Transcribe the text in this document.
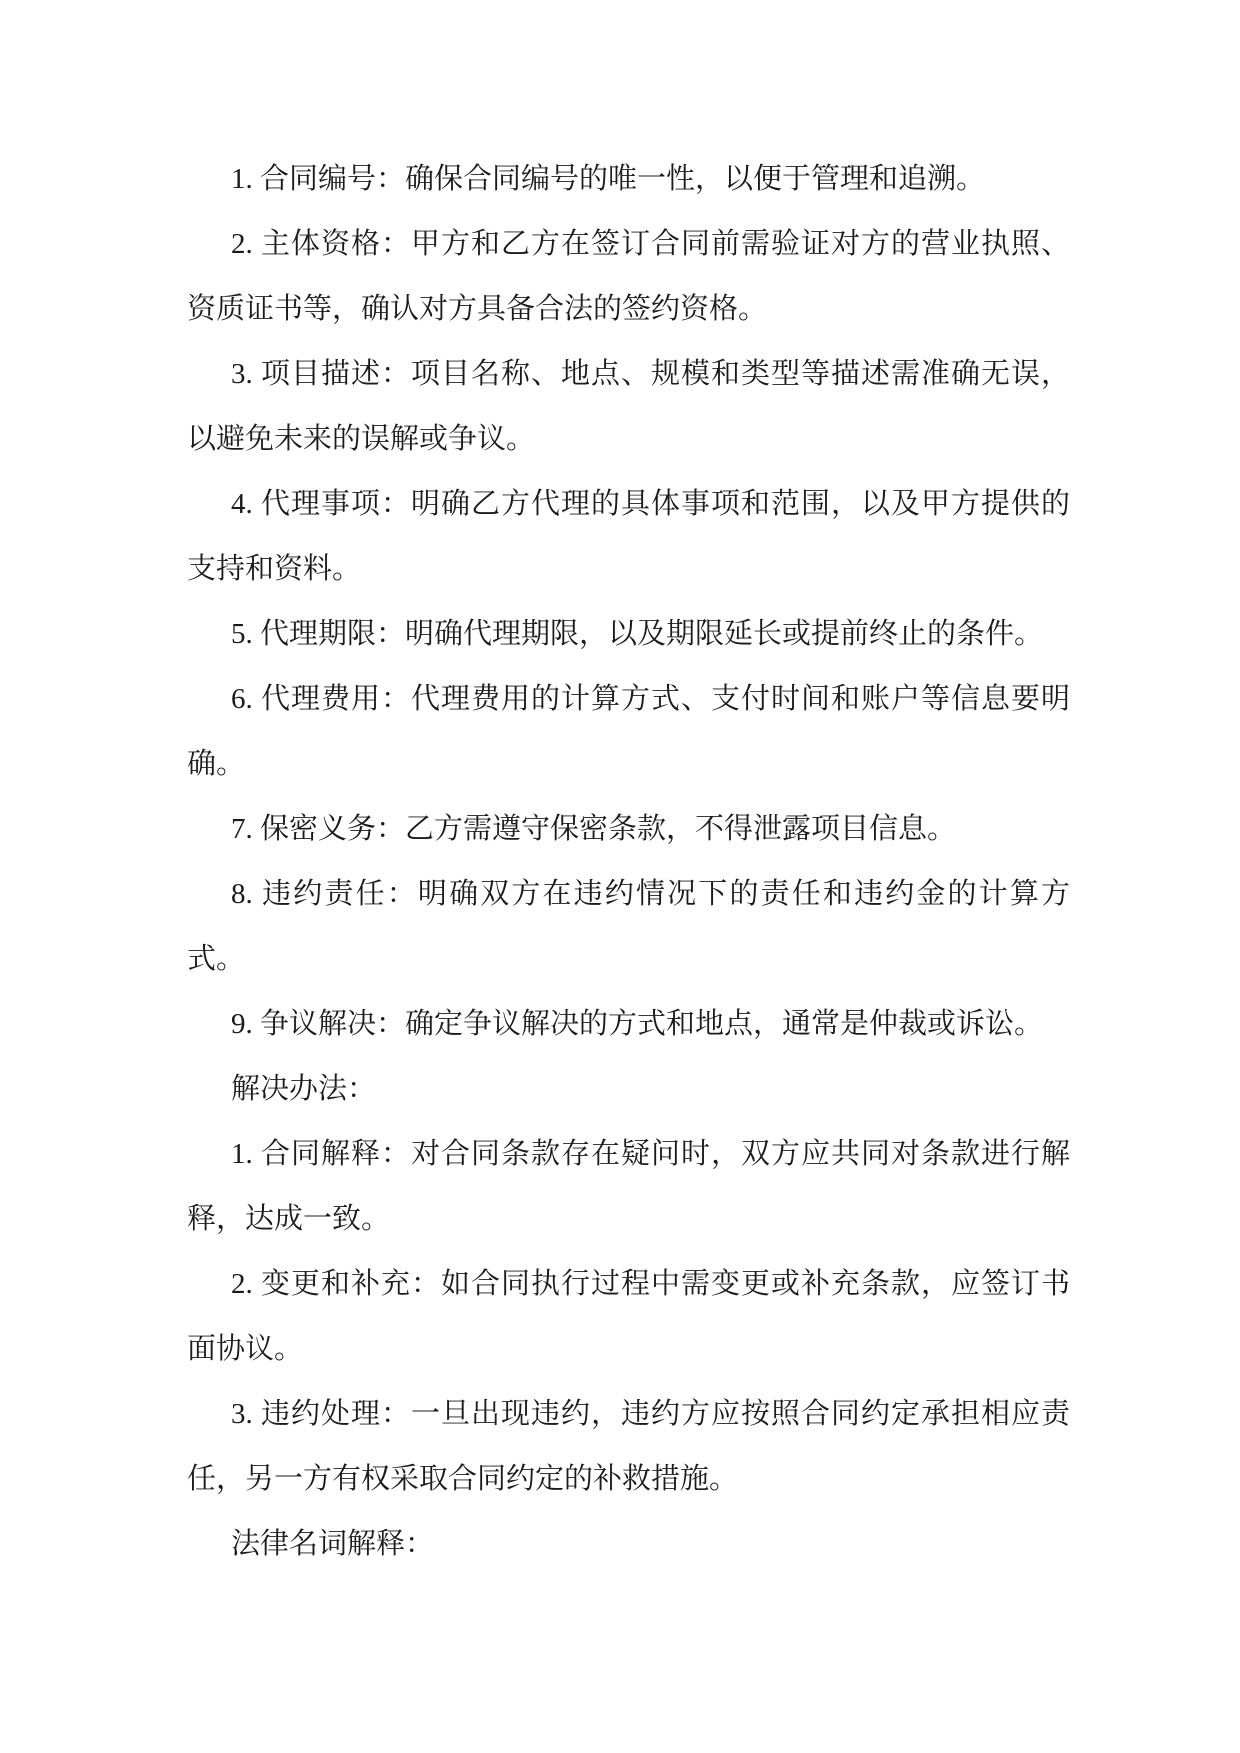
1. 合同编号：确保合同编号的唯一性，以便于管理和追溯。

2. 主体资格：甲方和乙方在签订合同前需验证对方的营业执照、
资质证书等，确认对方具备合法的签约资格。

3. 项目描述：项目名称、地点、规模和类型等描述需准确无误，
以避免未来的误解或争议。

4. 代理事项：明确乙方代理的具体事项和范围，以及甲方提供的
支持和资料。

5. 代理期限：明确代理期限，以及期限延长或提前终止的条件。

6. 代理费用：代理费用的计算方式、支付时间和账户等信息要明
确。

7. 保密义务：乙方需遵守保密条款，不得泄露项目信息。

8. 违约责任：明确双方在违约情况下的责任和违约金的计算方
式。

9. 争议解决：确定争议解决的方式和地点，通常是仲裁或诉讼。

解决办法：

1. 合同解释：对合同条款存在疑问时，双方应共同对条款进行解
释，达成一致。

2. 变更和补充：如合同执行过程中需变更或补充条款，应签订书
面协议。

3. 违约处理：一旦出现违约，违约方应按照合同约定承担相应责
任，另一方有权采取合同约定的补救措施。

法律名词解释：
